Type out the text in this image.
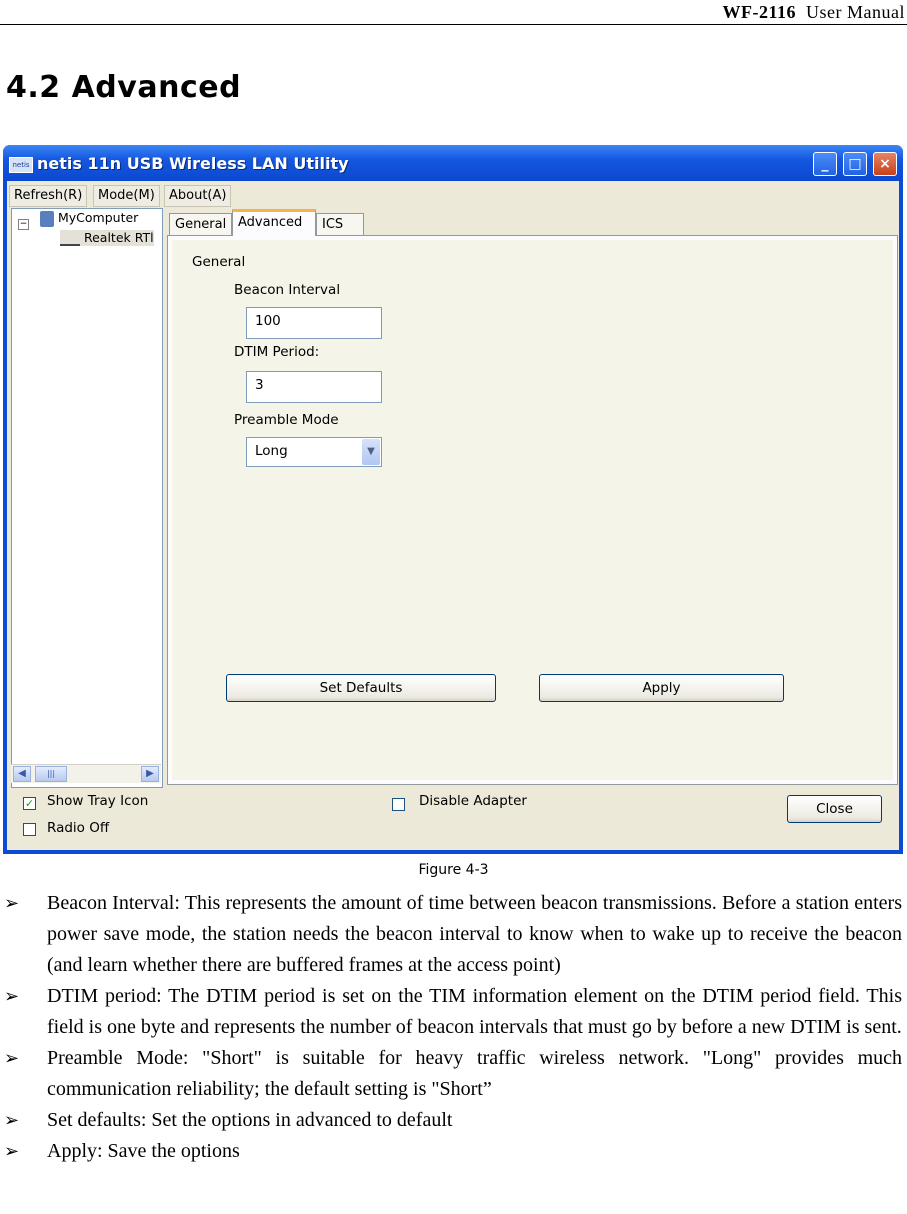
WF-2116 User Manual
4.2 Advanced
netis netis 11n USB Wireless LAN Utility	_	□	×
Refresh(R)	Mode(M)	About(A)
−	MyComputer
Realtek RTl
◀	|||	▶
General Advanced	ICS
General
Beacon Interval
100
DTIM Period:
3
Preamble Mode
Long	▼
Set Defaults	Apply
✓ Show Tray Icon
Radio Off
Disable Adapter	Close
Figure 4-3
➢ Beacon Interval: This represents the amount of time between beacon transmissions. Before a station enters power save mode, the station needs the beacon interval to know when to wake up to receive the beacon (and learn whether there are buffered frames at the access point)
➢ DTIM period: The DTIM period is set on the TIM information element on the DTIM period field. This field is one byte and represents the number of beacon intervals that must go by before a new DTIM is sent.
➢ Preamble Mode: "Short" is suitable for heavy traffic wireless network. "Long" provides much communication reliability; the default setting is "Short”
➢ Set defaults: Set the options in advanced to default
➢ Apply: Save the options
